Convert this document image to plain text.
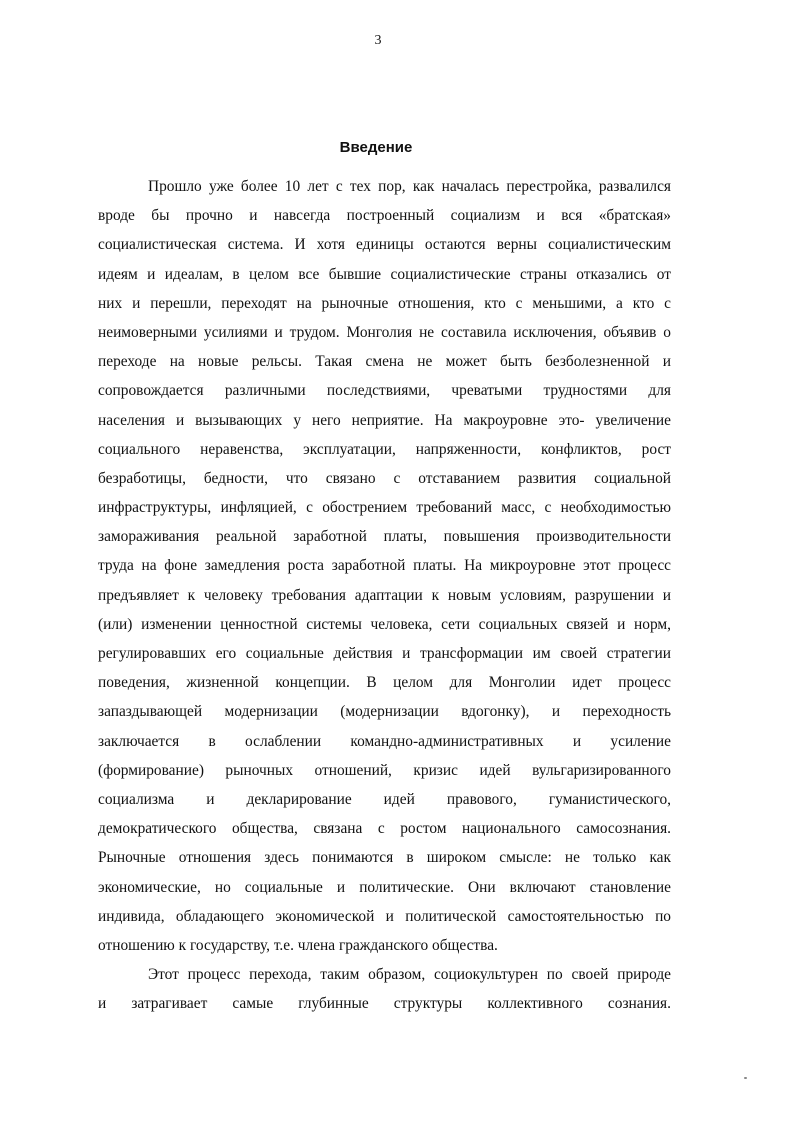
3
Введение
Прошло уже более 10 лет с тех пор, как началась перестройка, развалился
вроде бы прочно и навсегда построенный социализм и вся «братская»
социалистическая система. И хотя единицы остаются верны социалистическим
идеям и идеалам, в целом все бывшие социалистические страны отказались от
них и перешли, переходят на рыночные отношения, кто с меньшими, а кто с
неимоверными усилиями и трудом. Монголия не составила исключения, объявив о
переходе на новые рельсы. Такая смена не может быть безболезненной и
сопровождается различными последствиями, чреватыми трудностями для
населения и вызывающих у него неприятие. На макроуровне это- увеличение
социального неравенства, эксплуатации, напряженности, конфликтов, рост
безработицы, бедности, что связано с отставанием развития социальной
инфраструктуры, инфляцией, с обострением требований масс, с необходимостью
замораживания реальной заработной платы, повышения производительности
труда на фоне замедления роста заработной платы. На микроуровне этот процесс
предъявляет к человеку требования адаптации к новым условиям, разрушении и
(или) изменении ценностной системы человека, сети социальных связей и норм,
регулировавших его социальные действия и трансформации им своей стратегии
поведения, жизненной концепции. В целом для Монголии идет процесс
запаздывающей модернизации (модернизации вдогонку), и переходность
заключается в ослаблении командно-административных и усиление
(формирование) рыночных отношений, кризис идей вульгаризированного
социализма и декларирование идей правового, гуманистического,
демократического общества, связана с ростом национального самосознания.
Рыночные отношения здесь понимаются в широком смысле: не только как
экономические, но социальные и политические. Они включают становление
индивида, обладающего экономической и политической самостоятельностью по
отношению к государству, т.е. члена гражданского общества.
Этот процесс перехода, таким образом, социокультурен по своей природе
и затрагивает самые глубинные структуры коллективного сознания.
